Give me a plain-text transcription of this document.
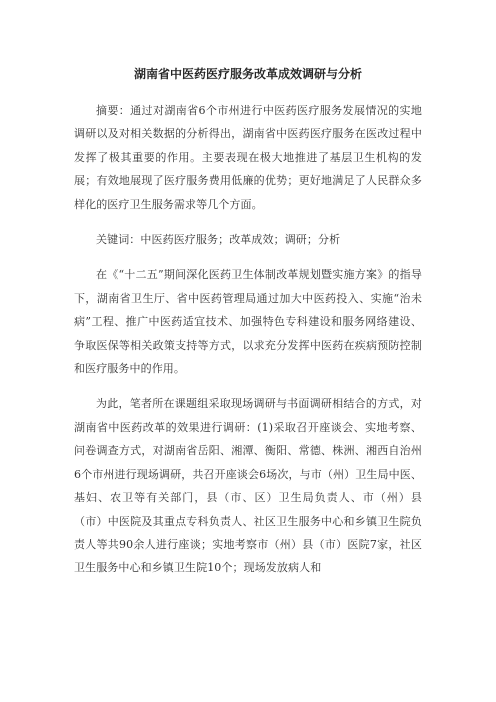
湖南省中医药医疗服务改革成效调研与分析

摘要：通过对湖南省6个市州进行中医药医疗服务发展情况的实地调研以及对相关数据的分析得出，湖南省中医药医疗服务在医改过程中发挥了极其重要的作用。主要表现在极大地推进了基层卫生机构的发展；有效地展现了医疗服务费用低廉的优势；更好地满足了人民群众多样化的医疗卫生服务需求等几个方面。

关键词：中医药医疗服务；改革成效；调研；分析

在《“十二五”期间深化医药卫生体制改革规划暨实施方案》的指导下，湖南省卫生厅、省中医药管理局通过加大中医药投入、实施“治未病”工程、推广中医药适宜技术、加强特色专科建设和服务网络建设、争取医保等相关政策支持等方式，以求充分发挥中医药在疾病预防控制和医疗服务中的作用。

为此，笔者所在课题组采取现场调研与书面调研相结合的方式，对湖南省中医药改革的效果进行调研：(1)采取召开座谈会、实地考察、问卷调查方式，对湖南省岳阳、湘潭、衡阳、常德、株洲、湘西自治州6个市州进行现场调研，共召开座谈会6场次，与市（州）卫生局中医、基妇、农卫等有关部门，县（市、区）卫生局负责人、市（州）县（市）中医院及其重点专科负责人、社区卫生服务中心和乡镇卫生院负责人等共90余人进行座谈；实地考察市（州）县（市）医院7家，社区卫生服务中心和乡镇卫生院10个；现场发放病人和
